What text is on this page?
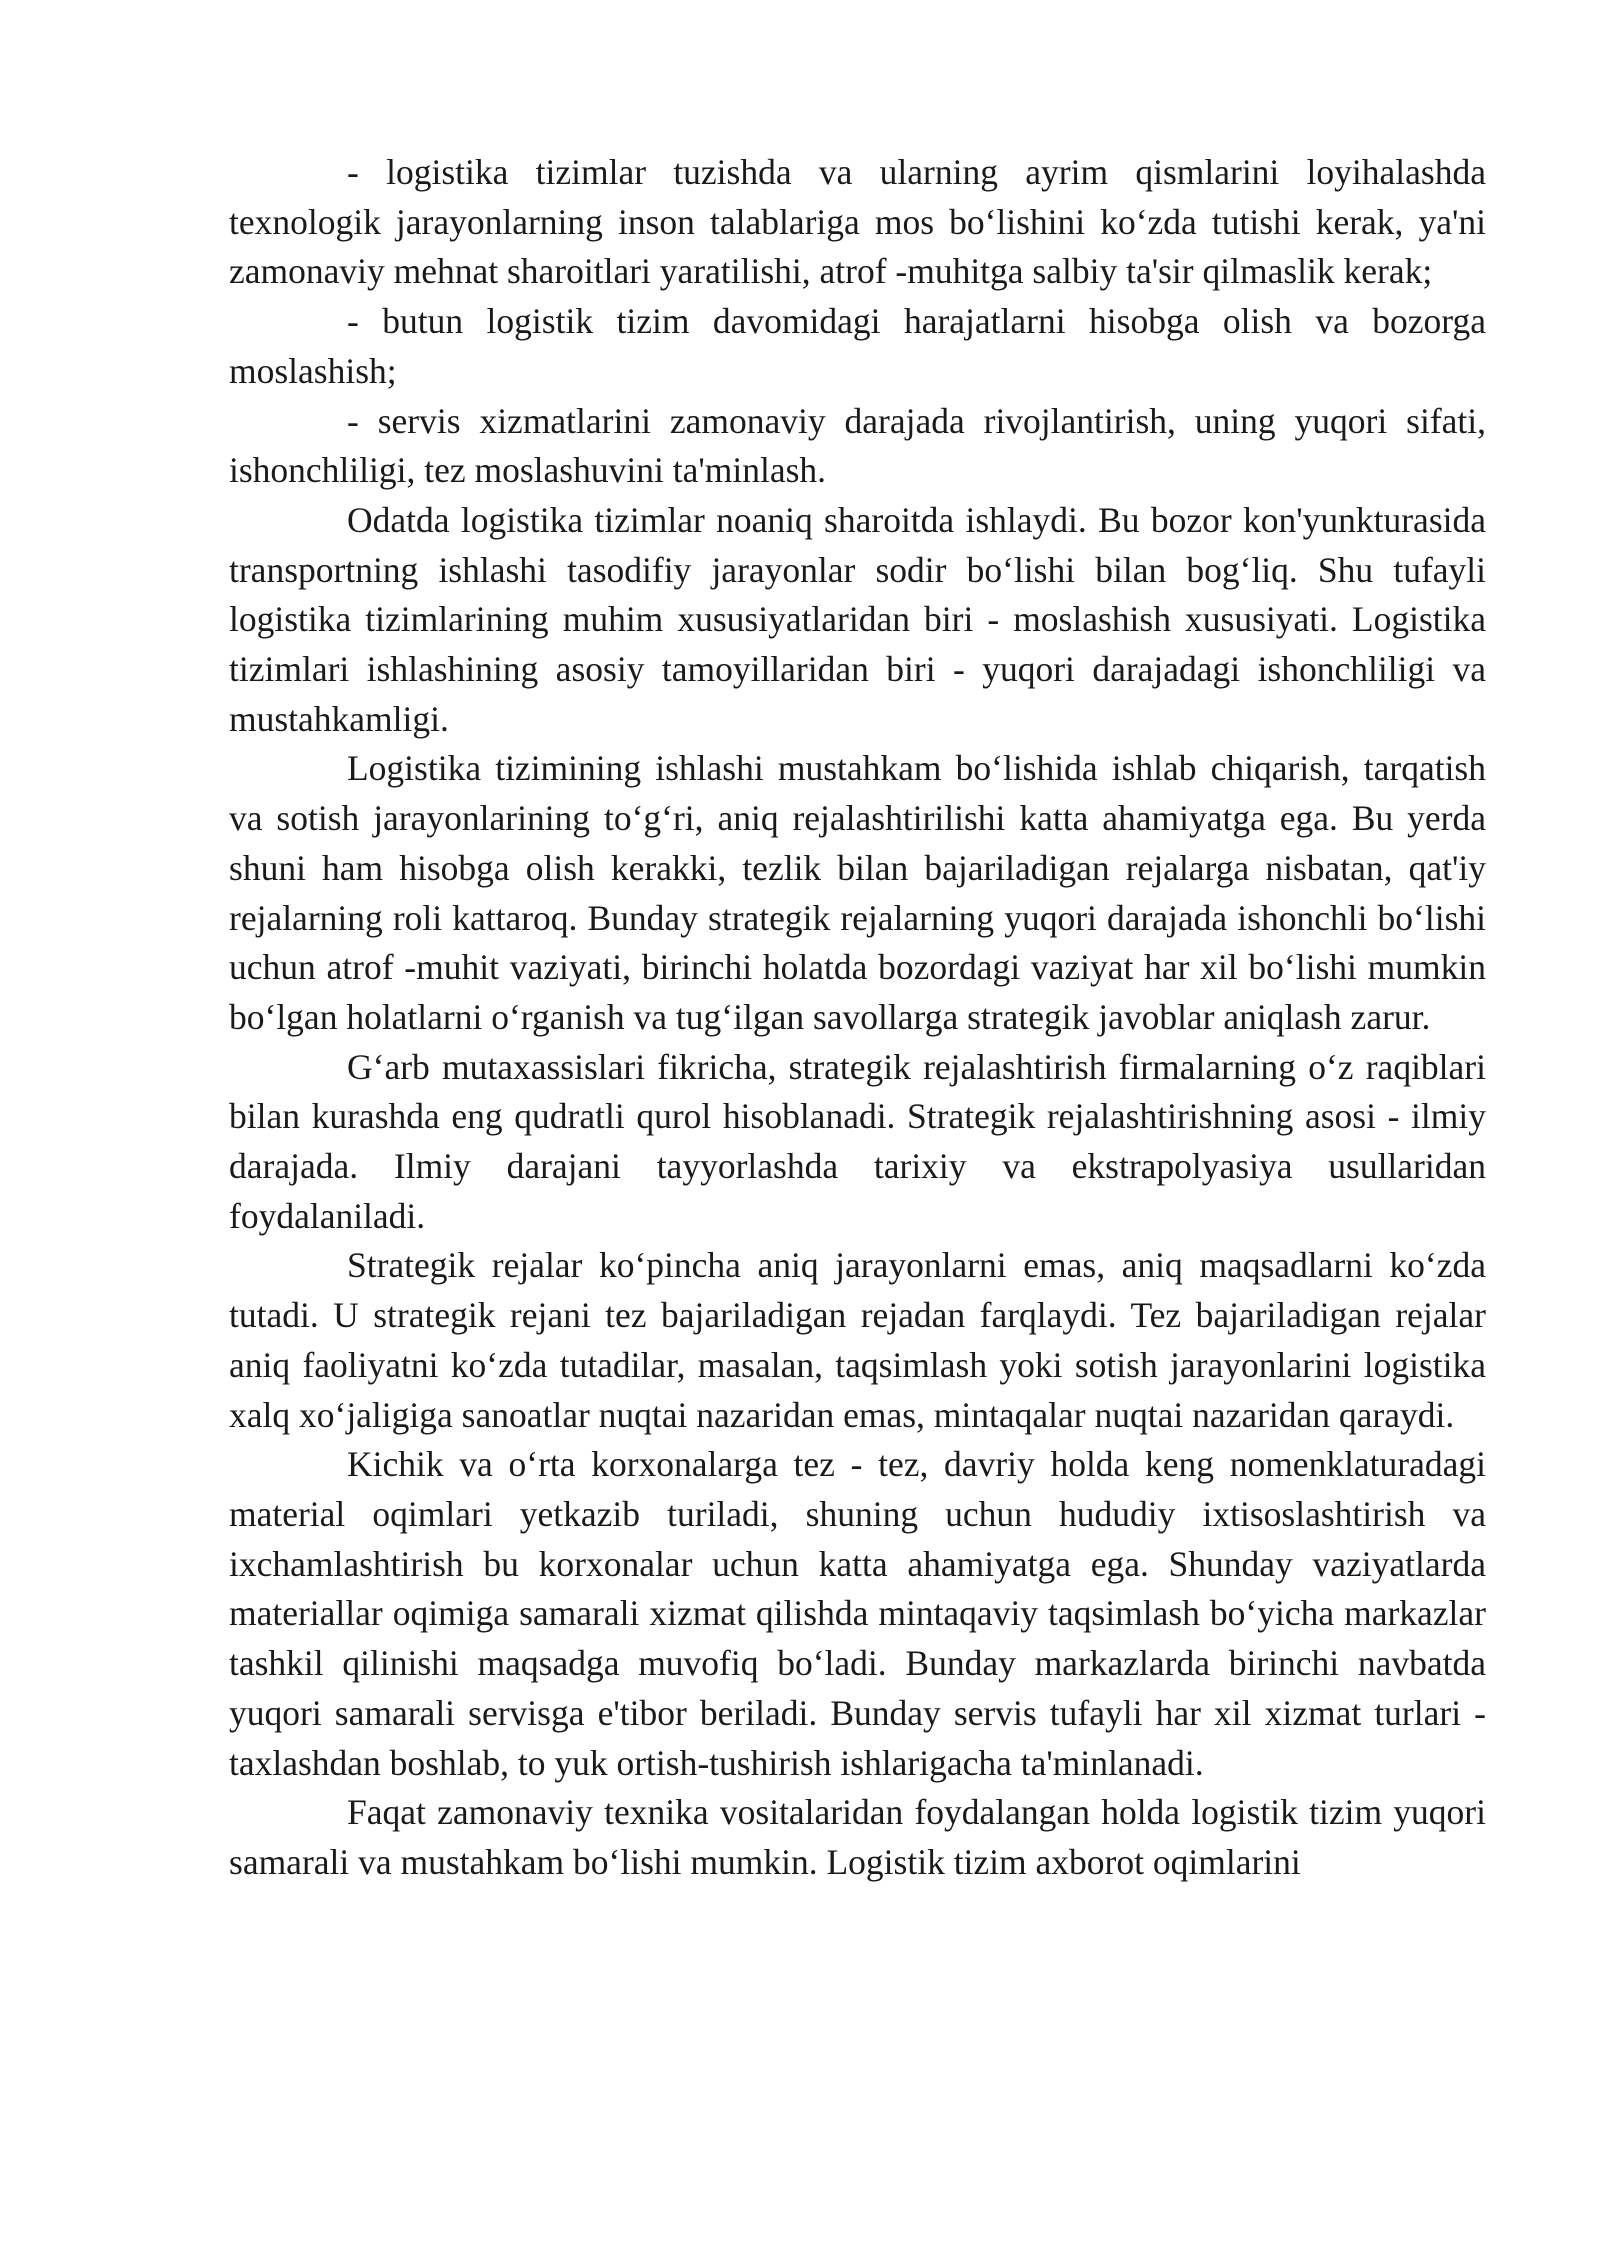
- logistika tizimlar tuzishda va ularning ayrim qismlarini loyihalashda texnologik jarayonlarning inson talablariga mos bo‘lishini ko‘zda tutishi kerak, ya'ni zamonaviy mehnat sharoitlari yaratilishi, atrof -muhitga salbiy ta'sir qilmaslik kerak;

- butun logistik tizim davomidagi harajatlarni hisobga olish va bozorga moslashish;

- servis xizmatlarini zamonaviy darajada rivojlantirish, uning yuqori sifati, ishonchliligi, tez moslashuvini ta'minlash.

Odatda logistika tizimlar noaniq sharoitda ishlaydi. Bu bozor kon'yunkturasida transportning ishlashi tasodifiy jarayonlar sodir bo‘lishi bilan bog‘liq. Shu tufayli logistika tizimlarining muhim xususiyatlaridan biri - moslashish xususiyati. Logistika tizimlari ishlashining asosiy tamoyillaridan biri - yuqori darajadagi ishonchliligi va mustahkamligi.

Logistika tizimining ishlashi mustahkam bo‘lishida ishlab chiqarish, tarqatish va sotish jarayonlarining to‘g‘ri, aniq rejalashtirilishi katta ahamiyatga ega. Bu yerda shuni ham hisobga olish kerakki, tezlik bilan bajariladigan rejalarga nisbatan, qat'iy rejalarning roli kattaroq. Bunday strategik rejalarning yuqori darajada ishonchli bo‘lishi uchun atrof -muhit vaziyati, birinchi holatda bozordagi vaziyat har xil bo‘lishi mumkin bo‘lgan holatlarni o‘rganish va tug‘ilgan savollarga strategik javoblar aniqlash zarur.

G‘arb mutaxassislari fikricha, strategik rejalashtirish firmalarning o‘z raqiblari bilan kurashda eng qudratli qurol hisoblanadi. Strategik rejalashtirishning asosi - ilmiy darajada. Ilmiy darajani tayyorlashda tarixiy va ekstrapolyasiya usullaridan foydalaniladi.

Strategik rejalar ko‘pincha aniq jarayonlarni emas, aniq maqsadlarni ko‘zda tutadi. U strategik rejani tez bajariladigan rejadan farqlaydi. Tez bajariladigan rejalar aniq faoliyatni ko‘zda tutadilar, masalan, taqsimlash yoki sotish jarayonlarini logistika xalq xo‘jaligiga sanoatlar nuqtai nazaridan emas, mintaqalar nuqtai nazaridan qaraydi.

Kichik va o‘rta korxonalarga tez - tez, davriy holda keng nomenklaturadagi material oqimlari yetkazib turiladi, shuning uchun hududiy ixtisoslashtirish va ixchamlashtirish bu korxonalar uchun katta ahamiyatga ega. Shunday vaziyatlarda materiallar oqimiga samarali xizmat qilishda mintaqaviy taqsimlash bo‘yicha markazlar tashkil qilinishi maqsadga muvofiq bo‘ladi. Bunday markazlarda birinchi navbatda yuqori samarali servisga e'tibor beriladi. Bunday servis tufayli har xil xizmat turlari - taxlashdan boshlab, to yuk ortish-tushirish ishlarigacha ta'minlanadi.

Faqat zamonaviy texnika vositalaridan foydalangan holda logistik tizim yuqori samarali va mustahkam bo‘lishi mumkin. Logistik tizim axborot oqimlarini
